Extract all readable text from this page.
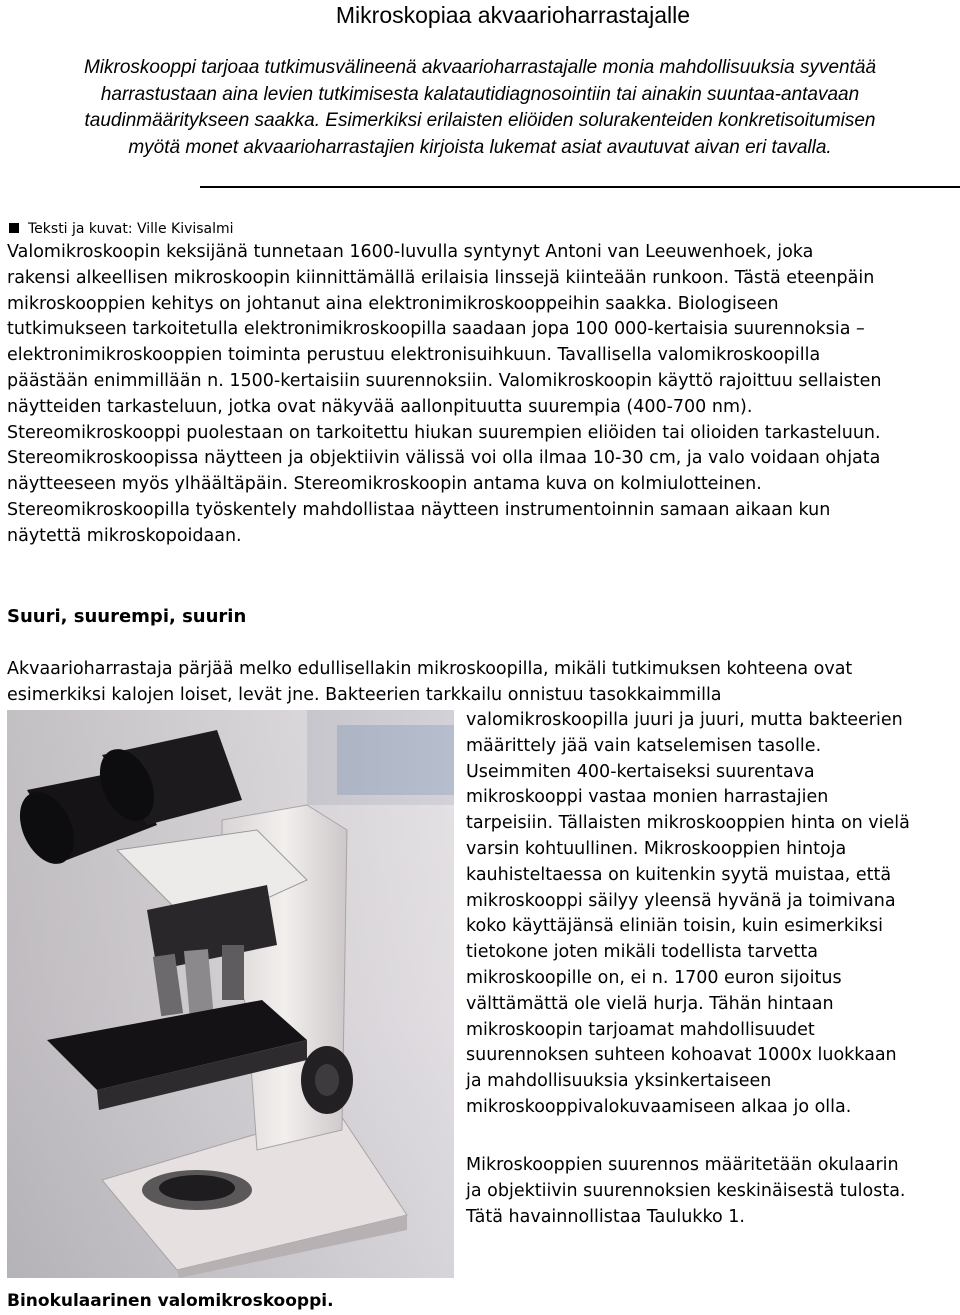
Mikroskopiaa akvaarioharrastajalle
Mikroskooppi tarjoaa tutkimusvälineenä akvaarioharrastajalle monia mahdollisuuksia syventää
harrastustaan aina levien tutkimisesta kalatautidiagnosointiin tai ainakin suuntaa-antavaan
taudinmääritykseen saakka. Esimerkiksi erilaisten eliöiden solurakenteiden konkretisoitumisen
myötä monet akvaarioharrastajien kirjoista lukemat asiat avautuvat aivan eri tavalla.
Teksti ja kuvat: Ville Kivisalmi
Valomikroskoopin keksijänä tunnetaan 1600-luvulla syntynyt Antoni van Leeuwenhoek, joka
rakensi alkeellisen mikroskoopin kiinnittämällä erilaisia linssejä kiinteään runkoon. Tästä eteenpäin
mikroskooppien kehitys on johtanut aina elektronimikroskooppeihin saakka. Biologiseen
tutkimukseen tarkoitetulla elektronimikroskoopilla saadaan jopa 100 000-kertaisia suurennoksia –
elektronimikroskooppien toiminta perustuu elektronisuihkuun. Tavallisella valomikroskoopilla
päästään enimmillään n. 1500-kertaisiin suurennoksiin. Valomikroskoopin käyttö rajoittuu sellaisten
näytteiden tarkasteluun, jotka ovat näkyvää aallonpituutta suurempia (400-700 nm).
Stereomikroskooppi puolestaan on tarkoitettu hiukan suurempien eliöiden tai olioiden tarkasteluun.
Stereomikroskoopissa näytteen ja objektiivin välissä voi olla ilmaa 10-30 cm, ja valo voidaan ohjata
näytteeseen myös ylhäältäpäin. Stereomikroskoopin antama kuva on kolmiulotteinen.
Stereomikroskoopilla työskentely mahdollistaa näytteen instrumentoinnin samaan aikaan kun
näytettä mikroskopoidaan.
Suuri, suurempi, suurin
Akvaarioharrastaja pärjää melko edullisellakin mikroskoopilla, mikäli tutkimuksen kohteena ovat
esimerkiksi kalojen loiset, levät jne. Bakteerien tarkkailu onnistuu tasokkaimmilla
valomikroskoopilla juuri ja juuri, mutta bakteerien
määrittely jää vain katselemisen tasolle.
Useimmiten 400-kertaiseksi suurentava
mikroskooppi vastaa monien harrastajien
tarpeisiin. Tällaisten mikroskooppien hinta on vielä
varsin kohtuullinen. Mikroskooppien hintoja
kauhisteltaessa on kuitenkin syytä muistaa, että
mikroskooppi säilyy yleensä hyvänä ja toimivana
koko käyttäjänsä eliniän toisin, kuin esimerkiksi
tietokone joten mikäli todellista tarvetta
mikroskoopille on, ei n. 1700 euron sijoitus
välttämättä ole vielä hurja. Tähän hintaan
mikroskoopin tarjoamat mahdollisuudet
suurennoksen suhteen kohoavat 1000x luokkaan
ja mahdollisuuksia yksinkertaiseen
mikroskooppivalokuvaamiseen alkaa jo olla.
Mikroskooppien suurennos määritetään okulaarin
ja objektiivin suurennoksien keskinäisestä tulosta.
Tätä havainnollistaa Taulukko 1.
Binokulaarinen valomikroskooppi.
